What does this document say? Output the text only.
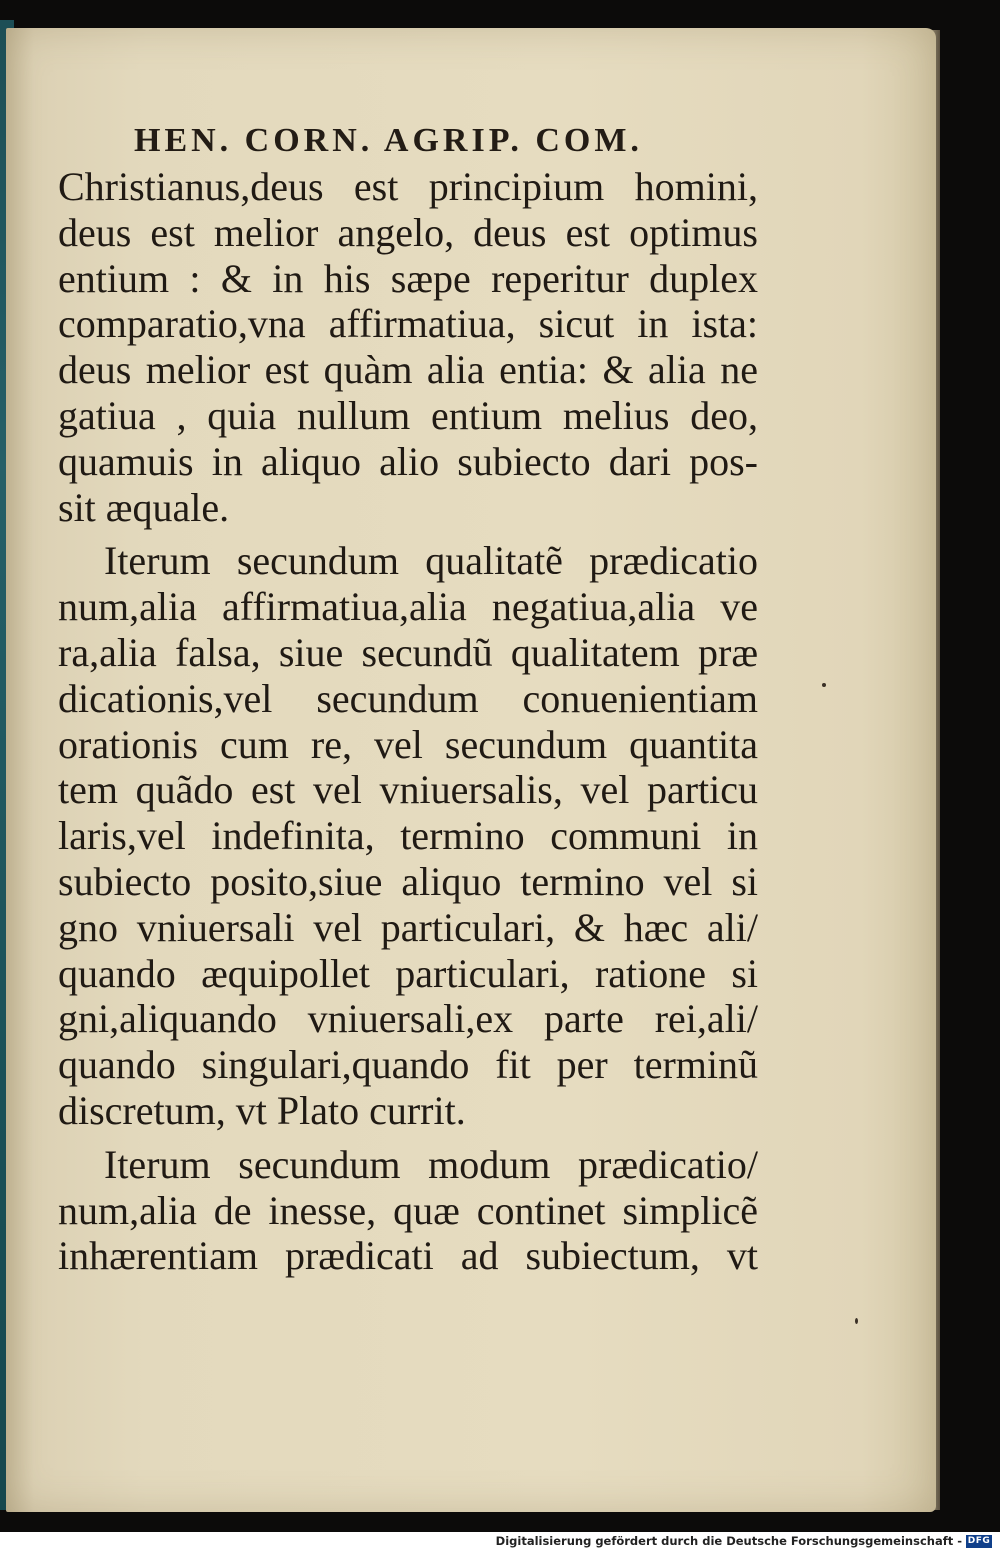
HEN. CORN. AGRIP. COM.
Christianus,deus est principium homini,
deus est melior angelo, deus est optimus
entium : & in his sæpe reperitur duplex
comparatio,vna affirmatiua, sicut in ista:
deus melior est quàm alia entia: & alia ne
gatiua , quia nullum entium melius deo,
quamuis in aliquo alio subiecto dari pos-
sit æquale.
Iterum secundum qualitatẽ prædicatio
num,alia affirmatiua,alia negatiua,alia ve
ra,alia falsa, siue secundũ qualitatem præ
dicationis,vel secundum conuenientiam
orationis cum re, vel secundum quantita
tem quãdo est vel vniuersalis, vel particu
laris,vel indefinita, termino communi in
subiecto posito,siue aliquo termino vel si
gno vniuersali vel particulari, & hæc ali/
quando æquipollet particulari, ratione si
gni,aliquando vniuersali,ex parte rei,ali/
quando singulari,quando fit per terminũ
discretum, vt Plato currit.
Iterum secundum modum prædicatio/
num,alia de inesse, quæ continet simplicẽ
inhærentiam prædicati ad subiectum, vt
Digitalisierung gefördert durch die Deutsche Forschungsgemeinschaft - DFG
